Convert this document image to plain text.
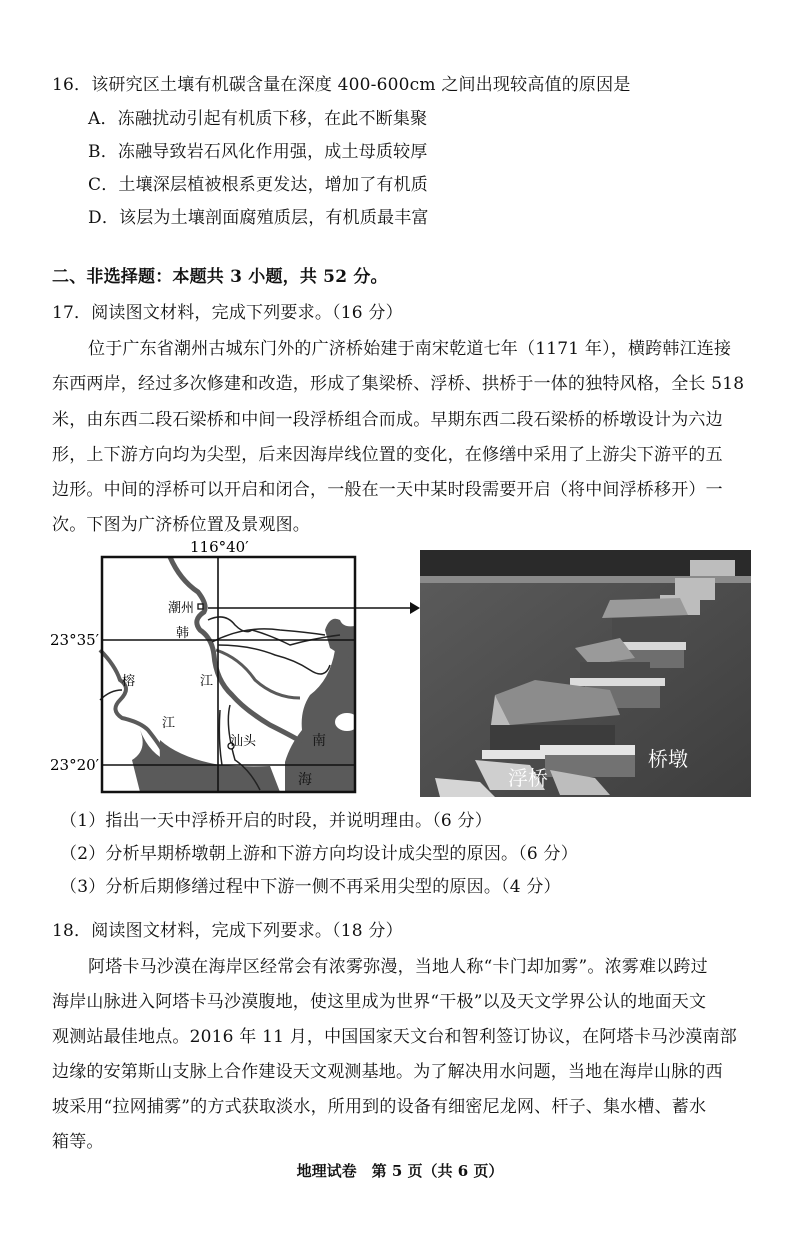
16．该研究区土壤有机碳含量在深度 400-600cm 之间出现较高值的原因是
A．冻融扰动引起有机质下移，在此不断集聚
B．冻融导致岩石风化作用强，成土母质较厚
C．土壤深层植被根系更发达，增加了有机质
D．该层为土壤剖面腐殖质层，有机质最丰富
二、非选择题：本题共 3 小题，共 52 分。
17．阅读图文材料，完成下列要求。（16 分）
位于广东省潮州古城东门外的广济桥始建于南宋乾道七年（1171 年），横跨韩江连接
东西两岸，经过多次修建和改造，形成了集梁桥、浮桥、拱桥于一体的独特风格，全长 518
米，由东西二段石梁桥和中间一段浮桥组合而成。早期东西二段石梁桥的桥墩设计为六边
形，上下游方向均为尖型，后来因海岸线位置的变化，在修缮中采用了上游尖下游平的五
边形。中间的浮桥可以开启和闭合，一般在一天中某时段需要开启（将中间浮桥移开）一
次。下图为广济桥位置及景观图。
116°40′
23°35′
23°20′
潮州
韩
江
榕
江
汕头	南
海	浮桥
桥墩
（1）指出一天中浮桥开启的时段，并说明理由。（6 分）
（2）分析早期桥墩朝上游和下游方向均设计成尖型的原因。（6 分）
（3）分析后期修缮过程中下游一侧不再采用尖型的原因。（4 分）
18．阅读图文材料，完成下列要求。（18 分）
阿塔卡马沙漠在海岸区经常会有浓雾弥漫，当地人称“卡门却加雾”。浓雾难以跨过
海岸山脉进入阿塔卡马沙漠腹地，使这里成为世界“干极”以及天文学界公认的地面天文
观测站最佳地点。2016 年 11 月，中国国家天文台和智利签订协议，在阿塔卡马沙漠南部
边缘的安第斯山支脉上合作建设天文观测基地。为了解决用水问题，当地在海岸山脉的西
坡采用“拉网捕雾”的方式获取淡水，所用到的设备有细密尼龙网、杆子、集水槽、蓄水
箱等。
地理试卷　第 5 页（共 6 页）
